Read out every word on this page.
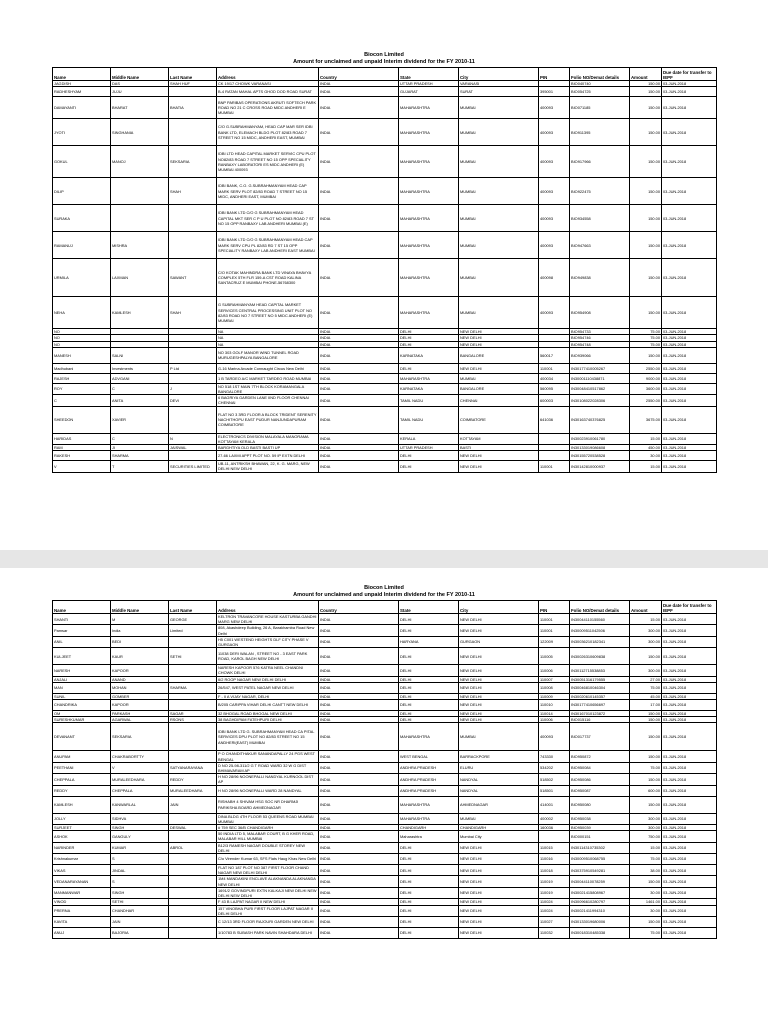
Biocon Limited
Amount for unclaimed and unpaid Interim dividend for the FY 2010-11
Name	Middle Name	Last Name	Address	Country	State	City	PIN	Folio NO/Demat details	Amount	Due date for transfer to IEPF
JAGDISH	DAS	SHAH HUF	CK 19/17 CHOWK VARANASI	INDIA	UTTAR PRADESH	VARANASI		BIO040740	150.00	03-JUN-2018
RADHESHYAM	JUJU		B-4 RATAN MAHAL APTS GHOD DOD ROAD SURAT	INDIA	GUJARAT	SURAT	395001	BIO054725	150.00	03-JUN-2018
DAMAYANTI	BHARAT	BHATIA	BNP PARIBAS OPERATIONS AKRUTI SOFTECH PARK ROAD NO 21 C CROSS ROAD MIDC ANDHERI E MUMBAI	INDIA	MAHARASHTRA	MUMBAI	400093	BIO071185	150.00	03-JUN-2018
JYOTI	SINGHANIA		C/O G.SUBRAHMANYAM, HEAD CAP MAR SER IDBI BANK LTD, ELEMACH BLDG PLOT 82/83 ROAD 7 STREET NO 15 MIDC, ANDHERI EAST, MUMBAI	INDIA	MAHARASHTRA	MUMBAI	400093	BIO911395	150.00	03-JUN-2018
GOKUL	MANOJ	SEKSARIA	IDBI LTD HEAD CAPITAL MARKET SERVIC CPU PLOT NO82/83 ROAD 7 STREET NO 15 OPP SPECIALITY RANBAXY LABORATORI ES MIDC ANDHERI (E) MUMBAI 400093	INDIA	MAHARASHTRA	MUMBAI	400093	BIO917966	150.00	03-JUN-2018
DILIP		SHAH	IDBI BANK, C.O. G.SUBRAHMANYAM HEAD CAP MARK SERV PLOT 82/83 ROAD 7 STREET NO 15 MIDC, ANDHERI EAST, MUMBAI	INDIA	MAHARASHTRA	MUMBAI	400093	BIO922475	150.00	03-JUN-2018
SURAKA			IDBI BANK LTD C/O G SUBRAHMANYAM HEAD CAPITAL MKT SER C P U PLOT NO 82/83 ROAD 7 ST NO 15 OPP RANBAXY LAB ANDHERI MUMBAI (E)	INDIA	MAHARASHTRA	MUMBAI	400093	BIO934558	150.00	03-JUN-2018
RAMANUJ	MISHRA		IDBI BANK LTD C/O G SUBRAHMANYAM HEAD CAP MARK SERV CPU PL 82/83 RD 7 ST 15 OPP SPECIALITY RANBAXY LAB ANDHERI EAST MUMBAI	INDIA	MAHARASHTRA	MUMBAI	400093	BIO947663	150.00	03-JUN-2018
URMILA	LAXMAN	SAWANT	C/O KOTAK MAHINDRA BANK LTD VINAYA BHAVYA COMPLEX 5TH FLR 159-A CST ROAD KALINA SANTACRUZ E MUMBAI PHONE-56768300	INDIA	MAHARASHTRA	MUMBAI	400098	BIO949838	150.00	03-JUN-2018
NEHA	KAMLESH	SHAH	G SUBRAHMANYAM HEAD CAPITAL MARKET SERVICES CENTRAL PROCESSING UNIT PLOT NO 82/83 ROAD NO 7 STREET NO 5 MIDC ANDHERI (E) MUMBAI	INDIA	MAHARASHTRA	MUMBAI	400093	BIO954908	150.00	03-JUN-2018
NO			NA	INDIA	DELHI	NEW DELHI		BIO954733	75.00	03-JUN-2018
NO			NA	INDIA	DELHI	NEW DELHI		BIO954746	75.00	03-JUN-2018
NO			NA	INDIA	DELHI	NEW DELHI		BIO954748	75.00	03-JUN-2018
MANESH	SALNI		NO 303 GOLF MANOR WIND TUNNEL ROAD MURUGESHPALYA BANGALORE	INDIA	KARNATAKA	BANGALORE	560017	BIO939066	150.00	03-JUN-2018
Madhubani	Investments	P Ltd	G-16 Marina Arcade Connaught Circus New Delhi	INDIA	DELHI	NEW DELHI	110001	IN30177410005267	2550.00	03-JUN-2018
RAJESH	ADVGANI		1 B TARDEO A/C MARKET TARDEO ROAD MUMBAI	INDIA	MAHARASHTRA	MUMBAI	400034	IN30001110438871	9000.00	03-JUN-2018
ROY	C	J	NO 518 1ST MAIN 7TH BLOCK KORAMANGALA BANGALORE	INDIA	KARNATAKA	BANGALORE	560095	IN30048410517862	3600.00	03-JUN-2018
C	ANITA	DEVI	6 BAGRIYA GARDEN LANE IIND FLOOR CHENNAI CHENNAI	INDIA	TAMIL NADU	CHENNAI	600003	IN30108022028306	2550.00	03-JUN-2018
SHEEDON	XAVIER		FLAT NO 3 3RD FLOOR A BLOCK TRIDENT SERENITY NACHITHOPU EAST PUDUR NANJUNDAPURAM COIMBATORE	INDIA	TAMIL NADU	COIMBATORE	641036	IN30163740376825	3675.00	03-JUN-2018
HARIDAS	C	N	ELECTRONICS DIVISION MALAYALA MANORAMA KOTTAYAM KERALA	INDIA	KERALA	KOTTAYAM		IN30023910061780	15.00	03-JUN-2018
RAM	JI	JAISWAL	BARGHTIYA OLD BASTI BASTI UP	INDIA	UTTAR PRADESH	BASTI		IN30133019086608	450.00	03-JUN-2018
RAKESH	SHARMA		27-66 LAXMI APPT PLOT NO. 59 IP EXTN DELHI	INDIA	DELHI	NEW DELHI		IN30155720538528	30.00	03-JUN-2018
V	T	SECURITIES LIMITED	UB-11, ANTRIKSH BHAWAN, 22, K. G. MARG, NEW DELHI NEW DELHI	INDIA	DELHI	NEW DELHI	110001	IN30142810000937	15.00	03-JUN-2018
Biocon Limited
Amount for unclaimed and unpaid Interim dividend for the FY 2010-11
Name	Middle Name	Last Name	Address	Country	State	City	PIN	Folio NO/Demat details	Amount	Due date for transfer to IEPF
SHANTI	M	GEORGE	KELTRON TRAVANCORE HOUSE KASTURBA GANDHI MARG NEW DELHI	INDIA	DELHI	NEW DELHI	110001	IN30044110155560	15.00	03-JUN-2018
Pamsar	India	Limited	808, Akashdeep Building, 26 A, Barakhamba Road New Delhi	INDIA	DELHI	NEW DELHI	110001	IN30009511042506	300.00	03-JUN-2018
ANIL	BEDI		H5 C001 WESTEND HEIGHTS DLF CITY PHASE V GURGAON	INDIA	HARYANA	GURGAON	122009	IN30036210182341	300.00	03-JUN-2018
KULJEET	KAUR	SETHI	11038 DERI WALAN , STREET NO - 3 EAST PARK ROAD, KAROL BAGH NEW DELHI	INDIA	DELHI	NEW DELHI	110005	IN30026310609838	150.00	03-JUN-2018
NARESH	KAPOOR		NARESH KAPOOR 576 KATRA NEEL CHANDNI CHOWK DELHI	INDIA	DELHI	NEW DELHI	110006	IN30112715538853	300.00	03-JUN-2018
ANJALI	ANAND		6/2 ROOP NAGAR NEW DELHI DELHI	INDIA	DELHI	NEW DELHI	110007	IN30051316179555	27.00	03-JUN-2018
MAN	MOHAN	SHARMA	26/547, WEST PATEL NAGAR NEW DELHI	INDIA	DELHI	NEW DELHI	110008	IN30046810046304	75.00	03-JUN-2018
SUNIL	GOMBER		F - II A VIJAY NAGAR, DELHI	INDIA	DELHI	NEW DELHI	110009	IN30020610145357	45.00	03-JUN-2018
CHANDRIKA	KAPOOR		B/205 CARIPPA VIHAR DELHI CANTT NEW DELHI	INDIA	DELHI	NEW DELHI	110010	IN30177410656697	17.00	03-JUN-2018
OM	PARKASH	SAGAR	32 BHOGAL ROAD BHOGAL NEW DELHI	INDIA	DELHI	NEW DELHI	110014	IN30167010123872	150.00	03-JUN-2018
SURESHKUMAR	AGARWAL	RSONS	38 BAGHDIPAM FATEHPURI DELHI	INDIA	DELHI	NEW DELHI	110006	BIO015116	150.00	03-JUN-2018
DEVANANT	SEKSARIA		IDBI BANK LTD G. SUBRAHMANYAM HEAD CA PITAL SERVICES DPU PLOT NO 82/83 STREET NO 15 ANDHERI(EAST) MUMBAI	INDIA	MAHARASHTRA	MUMBAI	400093	BIO017737	150.00	03-JUN-2018
ANUPAM	CHAKRABORTTY		P O CHANDITHAKUR SANANDAPALLY 24 PGS WEST BENGAL	INDIA	WEST BENGAL	BARRACKPORE	743330	BIO950872	150.00	03-JUN-2018
PEETHANI	V	SATYANARAYANA	D NO 25-98-311/2 G T ROAD WARD 32 W G DIST BHIMAVARAM AP	INDIA	ANDHRA PRADESH	ELURU	534202	BIO950084	75.00	03-JUN-2018
CHEPPALA	MURALEEDHARA	REDDY	H NO 28/96 NOONEPALLI NANDYAL KURNOOL DIST AP	INDIA	ANDHRA PRADESH	NANDYAL	518502	BIO950086	150.00	03-JUN-2018
REDDY	CHEPPALA	MURALEEDHARA	H NO 28/96 NOONEPALLI WARD 28 NANDYAL	INDIA	ANDHRA PRADESH	NANDYAL	518501	BIO950087	600.00	03-JUN-2018
KAMLESH	KANWARLAL	JAIN	RISHABH 4 SHIVAM HSG SOC NR DHARMJI PARIKSHA BOARD AHMEDNAGAR	INDIA	MAHARASHTRA	AHMEDNAGAR	414001	BIO950080	150.00	03-JUN-2018
JOLLY	SIDHVA		DINA BLDG 4TH FLOOR 53 QUEENS ROAD MUMBAI MUMBAI	INDIA	MAHARASHTRA	MUMBAI	400002	BIO950038	300.00	03-JUN-2018
SURJEET	SINGH	DESWAL	# 759 SEC 36/B CHANDIGARH	INDIA	CHANDIGARH	CHANDIGARH	160036	BIO950039	300.00	03-JUN-2018
ASHOK	GANGULY		50 INDIA LTD 5, MALABAR COURT, B G KHER ROAD, MALABAR HILL MUMBAI	INDIA	Maharashtra	Mumbai City		BIO000151	750.00	03-JUN-2018
NARINDER	KUMAR	ABROL	B12/3 RAMESH NAGAR DOUBLE STOREY NEW DELHI	INDIA	DELHI	NEW DELHI	110015	IN30114310735302	15.00	03-JUN-2018
Krishnakumar	S		C/o Virender Kumar 63, SFS Flats Haug Khas New Delhi	INDIA	DELHI	NEW DELHI	110016	IN30009510068755	75.00	03-JUN-2018
VIKAS	JINDAL		FLAT NO 187 PLOT NO 387 FIRST FLOOR CHAND NAGAR NEW DELHI DELHI	INDIA	DELHI	NEW DELHI	110018	IN30375910549281	38.00	03-JUN-2018
VEDANARAYANAN	S		1M4 MANDAKINI ENCLAVE ALAKNANDA ALAKNANDA NEW DELHI	INDIA	DELHI	NEW DELHI	110019	IN30044110078259	150.00	03-JUN-2018
MANMANWAR	SINGH		1691/2 GOVINDPURI EXTN KALKAJI NEW DELHI NEW DELHI NEW DELHI	INDIA	DELHI	NEW DELHI	110019	IN30021415808967	30.00	03-JUN-2018
VINOD	SETHI		F 43 B LAJPAT NAGAR II NEW DELHI	INDIA	DELHI	NEW DELHI	110024	IN30096610280797	1461.00	03-JUN-2018
PRERNA	CHANDHAR		157 VINOBHA PURI FIRST FLOOR LAJPAT NAGAR II DELHI DELHI	INDIA	DELHI	NEW DELHI	110024	IN30021411994310	30.00	03-JUN-2018
KAVITA	JAIN		C 12/13 3RD FLOOR RAJOURI GARDEN NEW DELHI	INDIA	DELHI	NEW DELHI	110027	IN30133019680006	150.00	03-JUN-2018
ANUJ	BAJORIA		1/10783 B SUBASH PARK NAVIN SHAHDARA DELHI	INDIA	DELHI	NEW DELHI	110032	IN30018310485338	75.00	03-JUN-2018
